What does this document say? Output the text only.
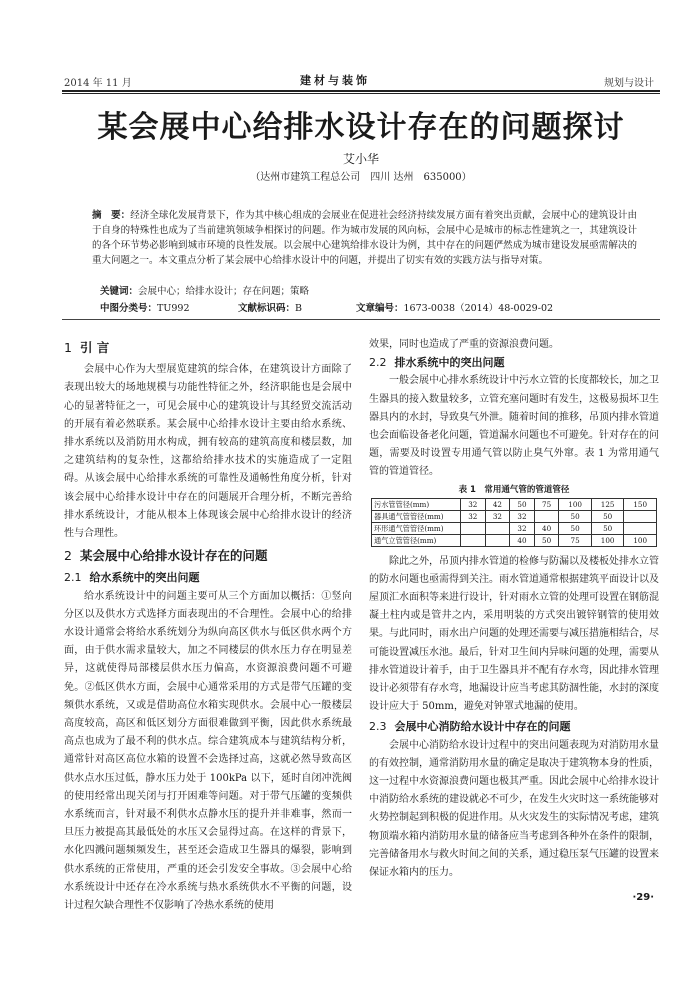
2014 年 11 月	建材与装饰	规划与设计
某会展中心给排水设计存在的问题探讨
艾小华
（达州市建筑工程总公司　四川 达州　635000）
摘　要：经济全球化发展背景下，作为其中核心组成的会展业在促进社会经济持续发展方面有着突出贡献，会展中心的建筑设计由于自身的特殊性也成为了当前建筑领域争相探讨的问题。作为城市发展的风向标，会展中心是城市的标志性建筑之一，其建筑设计的各个环节势必影响到城市环境的良性发展。以会展中心建筑给排水设计为例，其中存在的问题俨然成为城市建设发展亟需解决的重大问题之一。本文重点分析了某会展中心给排水设计中的问题，并提出了切实有效的实践方法与指导对策。
关键词：会展中心；给排水设计；存在问题；策略
中图分类号：TU992	文献标识码：B	文章编号：1673-0038（2014）48-0029-02
1 引 言

会展中心作为大型展览建筑的综合体，在建筑设计方面除了表现出较大的场地规模与功能性特征之外，经济职能也是会展中心的显著特征之一，可见会展中心的建筑设计与其经贸交流活动的开展有着必然联系。某会展中心给排水设计主要由给水系统、排水系统以及消防用水构成，拥有较高的建筑高度和楼层数，加之建筑结构的复杂性，这都给给排水技术的实施造成了一定阻碍。从该会展中心给排水系统的可靠性及通畅性角度分析，针对该会展中心给排水设计中存在的问题展开合理分析，不断完善给排水系统设计，才能从根本上体现该会展中心给排水设计的经济性与合理性。

2 某会展中心给排水设计存在的问题
2.1 给水系统中的突出问题

给水系统设计中的问题主要可从三个方面加以概括：①竖向分区以及供水方式选择方面表现出的不合理性。会展中心的给排水设计通常会将给水系统划分为纵向高区供水与低区供水两个方面，由于供水需求量较大，加之不同楼层的供水压力存在明显差异，这就使得局部楼层供水压力偏高，水资源浪费问题不可避免。②低区供水方面，会展中心通常采用的方式是带气压罐的变频供水系统，又或是借助高位水箱实现供水。会展中心一般楼层高度较高，高区和低区划分方面很难做到平衡，因此供水系统最高点也成为了最不利的供水点。综合建筑成本与建筑结构分析，通常针对高区高位水箱的设置不会选择过高，这就必然导致高区供水点水压过低，静水压力处于 100kPa 以下，延时自闭冲洗阀的使用经常出现关闭与打开困难等问题。对于带气压罐的变频供水系统而言，针对最不利供水点静水压的提升并非难事，然而一旦压力被提高其最低处的水压又会显得过高。在这样的背景下，水化四溅问题频频发生，甚至还会造成卫生器具的爆裂，影响到供水系统的正常使用，严重的还会引发安全事故。③会展中心给水系统设计中还存在冷水系统与热水系统供水不平衡的问题，设计过程欠缺合理性不仅影响了冷热水系统的使用

效果，同时也造成了严重的资源浪费问题。

2.2 排水系统中的突出问题

一般会展中心排水系统设计中污水立管的长度都较长，加之卫生器具的接入数量较多，立管充塞问题时有发生，这极易损坏卫生器具内的水封，导致臭气外泄。随着时间的推移，吊顶内排水管道也会面临设备老化问题，管道漏水问题也不可避免。针对存在的问题，需要及时设置专用通气管以防止臭气外窜。表 1 为常用通气管的管道管径。

表 1　常用通气管的管道管径
污水管管径(mm)	32	42	50	75	100	125	150
器具通气管管径(mm)	32	32	32		50	50	
环形通气管管径(mm)			32	40	50	50	
通气立管管径(mm)			40	50	75	100	100

除此之外，吊顶内排水管道的检修与防漏以及楼板处排水立管的防水问题也亟需得到关注。雨水管道通常根据建筑平面设计以及屋顶汇水面积等来进行设计，针对雨水立管的处理可设置在钢筋混凝土柱内或是管井之内，采用明装的方式突出镀锌钢管的使用效果。与此同时，雨水出户问题的处理还需要与减压措施相结合，尽可能设置减压水池。最后，针对卫生间内异味问题的处理，需要从排水管道设计着手，由于卫生器具并不配有存水弯，因此排水管理设计必须带有存水弯，地漏设计应当考虑其防涸性能，水封的深度设计应大于 50mm，避免对钟罩式地漏的使用。

2.3 会展中心消防给水设计中存在的问题

会展中心消防给水设计过程中的突出问题表现为对消防用水量的有效控制，通常消防用水量的确定是取决于建筑物本身的性质，这一过程中水资源浪费问题也极其严重。因此会展中心给排水设计中消防给水系统的建设就必不可少，在发生火灾时这一系统能够对火势控制起到积极的促进作用。从火灾发生的实际情况考虑，建筑物顶端水箱内消防用水量的储备应当考虑到各种外在条件的限制，完善储备用水与救火时间之间的关系，通过稳压泵气压罐的设置来保证水箱内的压力。

·29·
